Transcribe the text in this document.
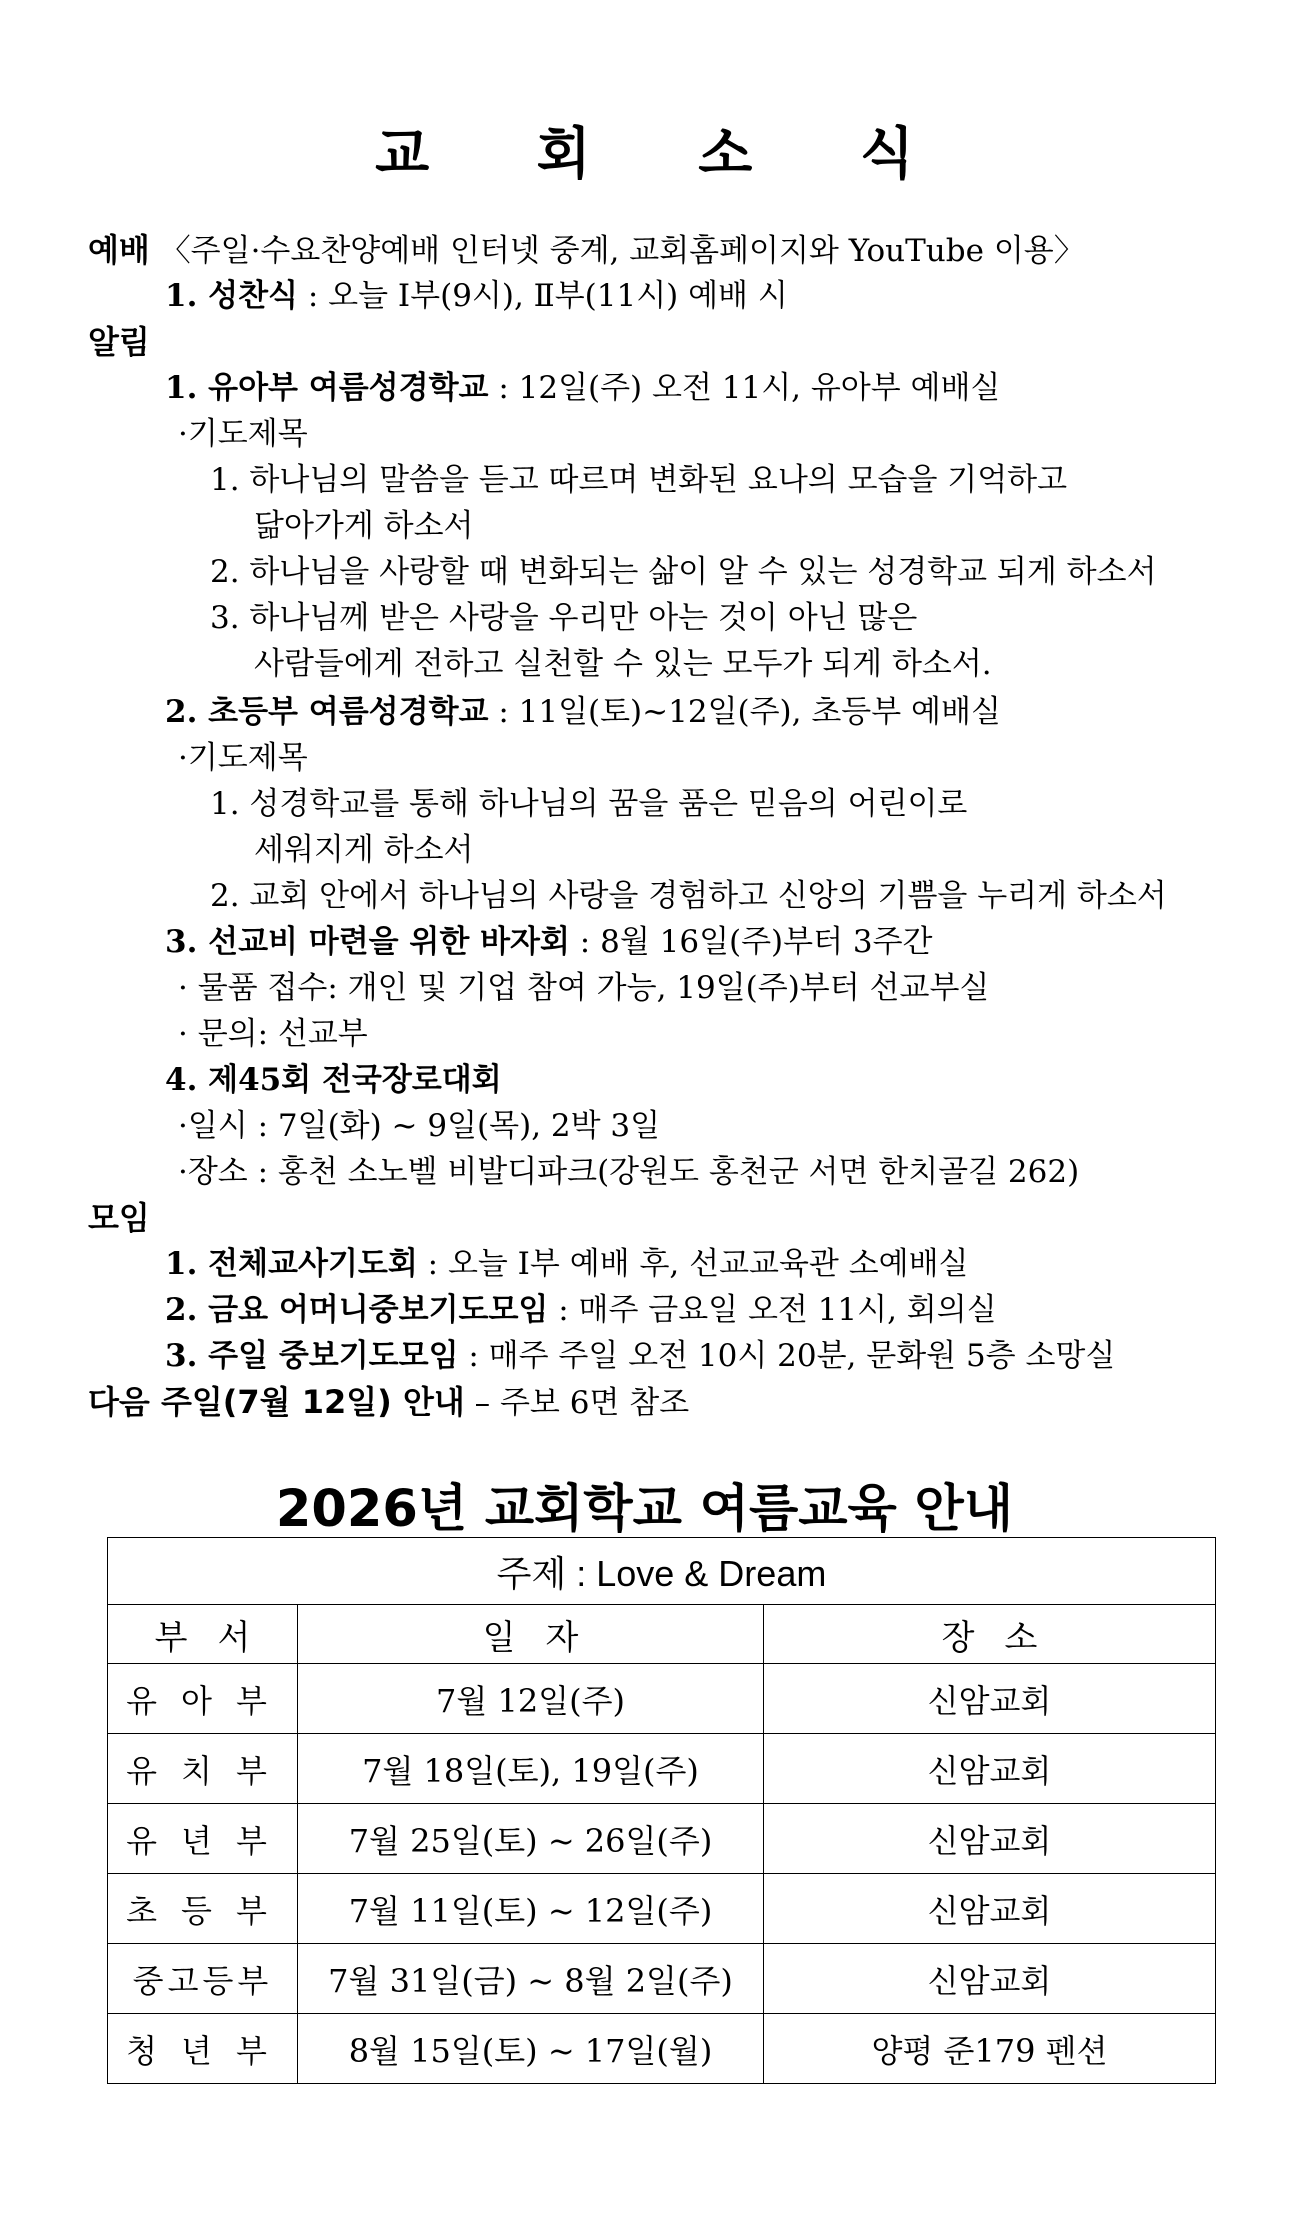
교 회 소 식
예배 〈주일·수요찬양예배 인터넷 중계, 교회홈페이지와 YouTube 이용〉
1. 성찬식 : 오늘 Ⅰ부(9시), Ⅱ부(11시) 예배 시
알림
1. 유아부 여름성경학교 : 12일(주) 오전 11시, 유아부 예배실
·기도제목
1. 하나님의 말씀을 듣고 따르며 변화된 요나의 모습을 기억하고
닮아가게 하소서
2. 하나님을 사랑할 때 변화되는 삶이 알 수 있는 성경학교 되게 하소서
3. 하나님께 받은 사랑을 우리만 아는 것이 아닌 많은
사람들에게 전하고 실천할 수 있는 모두가 되게 하소서.
2. 초등부 여름성경학교 : 11일(토)~12일(주), 초등부 예배실
·기도제목
1. 성경학교를 통해 하나님의 꿈을 품은 믿음의 어린이로
세워지게 하소서
2. 교회 안에서 하나님의 사랑을 경험하고 신앙의 기쁨을 누리게 하소서
3. 선교비 마련을 위한 바자회 : 8월 16일(주)부터 3주간
· 물품 접수: 개인 및 기업 참여 가능, 19일(주)부터 선교부실
· 문의: 선교부
4. 제45회 전국장로대회
·일시 : 7일(화) ~ 9일(목), 2박 3일
·장소 : 홍천 소노벨 비발디파크(강원도 홍천군 서면 한치골길 262)
모임
1. 전체교사기도회 : 오늘 Ⅰ부 예배 후, 선교교육관 소예배실
2. 금요 어머니중보기도모임 : 매주 금요일 오전 11시, 회의실
3. 주일 중보기도모임 : 매주 주일 오전 10시 20분, 문화원 5층 소망실
다음 주일(7월 12일) 안내 – 주보 6면 참조
2026년 교회학교 여름교육 안내
주제 : Love & Dream		
부서	일자	장소
유아부	7월 12일(주)	신암교회
유치부	7월 18일(토), 19일(주)	신암교회
유년부	7월 25일(토) ~ 26일(주)	신암교회
초등부	7월 11일(토) ~ 12일(주)	신암교회
중고등부	7월 31일(금) ~ 8월 2일(주)	신암교회
청년부	8월 15일(토) ~ 17일(월)	양평 준179 펜션
